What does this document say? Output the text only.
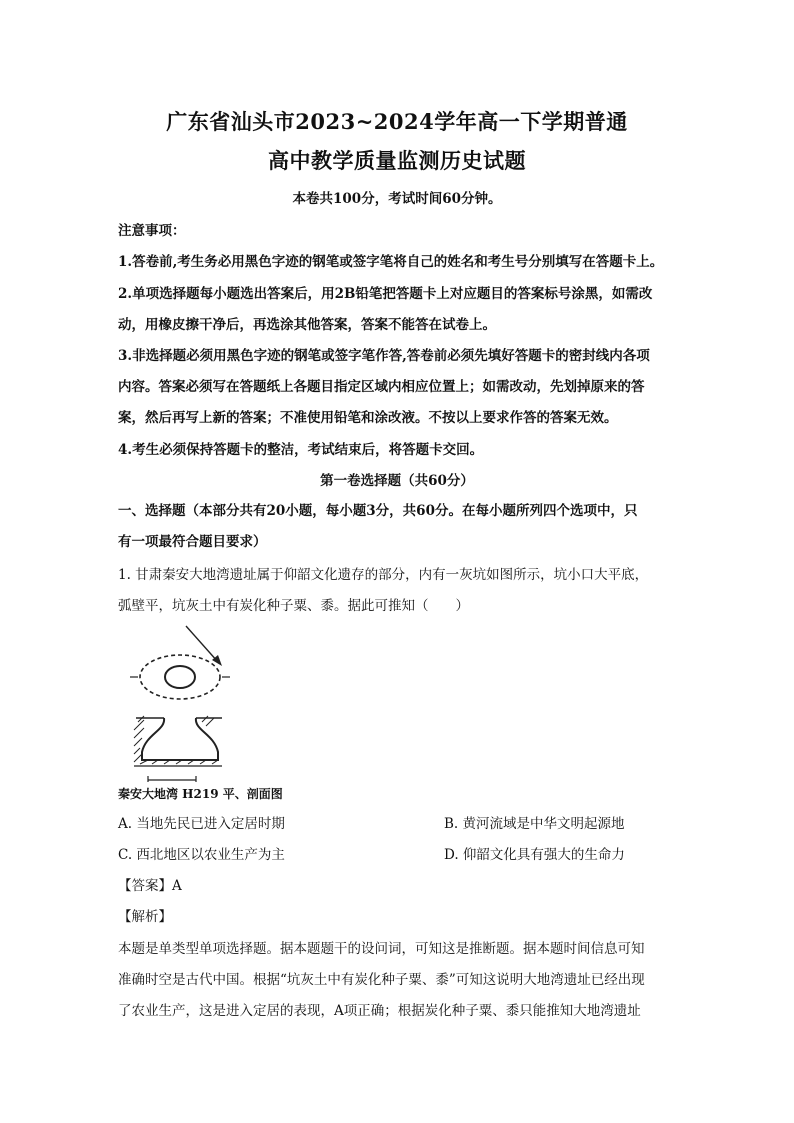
广东省汕头市2023~2024学年高一下学期普通
高中教学质量监测历史试题
本卷共100分，考试时间60分钟。
注意事项：
1.答卷前,考生务必用黑色字迹的钢笔或签字笔将自己的姓名和考生号分别填写在答题卡上。
2.单项选择题每小题选出答案后，用2B铅笔把答题卡上对应题目的答案标号涂黑，如需改
动，用橡皮擦干净后，再选涂其他答案，答案不能答在试卷上。
3.非选择题必须用黑色字迹的钢笔或签字笔作答,答卷前必须先填好答题卡的密封线内各项
内容。答案必须写在答题纸上各题目指定区域内相应位置上；如需改动，先划掉原来的答
案，然后再写上新的答案；不准使用铅笔和涂改液。不按以上要求作答的答案无效。
4.考生必须保持答题卡的整洁，考试结束后，将答题卡交回。
第一卷选择题（共60分）
一、选择题（本部分共有20小题，每小题3分，共60分。在每小题所列四个选项中，只
有一项最符合题目要求）
1. 甘肃秦安大地湾遗址属于仰韶文化遗存的部分，内有一灰坑如图所示，坑小口大平底，
弧壁平，坑灰土中有炭化种子粟、黍。据此可推知（　　）
秦安大地湾 H219 平、剖面图
A. 当地先民已进入定居时期	B. 黄河流域是中华文明起源地
C. 西北地区以农业生产为主	D. 仰韶文化具有强大的生命力
【答案】A
【解析】
本题是单类型单项选择题。据本题题干的设问词，可知这是推断题。据本题时间信息可知
准确时空是古代中国。根据“坑灰土中有炭化种子粟、黍”可知这说明大地湾遗址已经出现
了农业生产，这是进入定居的表现，A项正确；根据炭化种子粟、黍只能推知大地湾遗址
